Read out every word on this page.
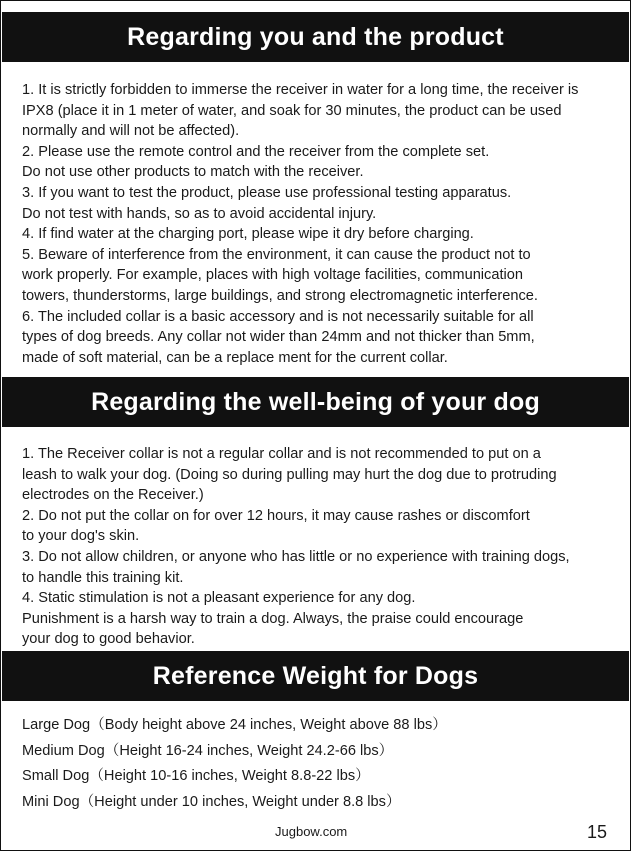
Regarding you and the product
1. It is strictly forbidden to immerse the receiver in water for a long time, the receiver is
IPX8 (place it in 1 meter of water, and soak for 30 minutes, the product can be used
normally and will not be affected).
2. Please use the remote control and the receiver from the complete set.
Do not use other products to match with the receiver.
3. If you want to test the product, please use professional testing apparatus.
Do not test with hands, so as to avoid accidental injury.
4. If find water at the charging port, please wipe it dry before charging.
5. Beware of interference from the environment, it can cause the product not to
work properly. For example, places with high voltage facilities, communication
towers, thunderstorms, large buildings, and strong electromagnetic interference.
6. The included collar is a basic accessory and is not necessarily suitable for all
types of dog breeds. Any collar not wider than 24mm and not thicker than 5mm,
made of soft material, can be a replace ment for the current collar.
Regarding the well-being of your dog
1. The Receiver collar is not a regular collar and is not recommended to put on a
leash to walk your dog. (Doing so during pulling may hurt the dog due to protruding
electrodes on the Receiver.)
2. Do not put the collar on for over 12 hours, it may cause rashes or discomfort
to your dog's skin.
3. Do not allow children, or anyone who has little or no experience with training dogs,
to handle this training kit.
4. Static stimulation is not a pleasant experience for any dog.
Punishment is a harsh way to train a dog. Always, the praise could encourage
your dog to good behavior.
Reference Weight for Dogs
Large Dog（Body height above 24 inches, Weight above 88 lbs）
Medium Dog（Height 16-24 inches, Weight 24.2-66 lbs）
Small Dog（Height 10-16 inches, Weight 8.8-22 lbs）
Mini Dog（Height under 10 inches, Weight under 8.8 lbs）
Jugbow.com	15
